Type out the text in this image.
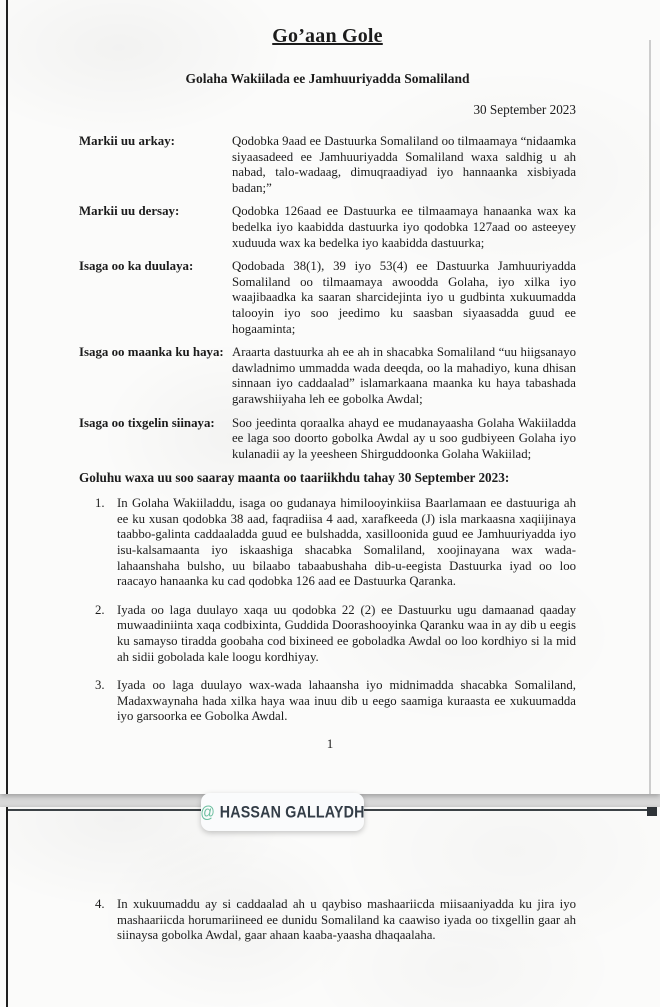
Go’aan Gole
Golaha Wakiilada ee Jamhuuriyadda Somaliland
30 September 2023
Markii uu arkay:	Qodobka 9aad ee Dastuurka Somaliland oo tilmaamaya “nidaamka siyaasadeed ee Jamhuuriyadda Somaliland waxa saldhig u ah nabad, talo-wadaag, dimuqraadiyad iyo hannaanka xisbiyada badan;”
Markii uu dersay:	Qodobka 126aad ee Dastuurka ee tilmaamaya hanaanka wax ka bedelka iyo kaabidda dastuurka iyo qodobka 127aad oo asteeyey xuduuda wax ka bedelka iyo kaabidda dastuurka;
Isaga oo ka duulaya:	Qodobada 38(1), 39 iyo 53(4) ee Dastuurka Jamhuuriyadda Somaliland oo tilmaamaya awoodda Golaha, iyo xilka iyo waajibaadka ka saaran sharcidejinta iyo u gudbinta xukuumadda talooyin iyo soo jeedimo ku saasban siyaasadda guud ee hogaaminta;
Isaga oo maanka ku haya: Araarta dastuurka ah ee ah in shacabka Somaliland “uu hiigsanayo dawladnimo ummadda wada deeqda, oo la mahadiyo, kuna dhisan sinnaan iyo caddaalad” islamarkaana maanka ku haya tabashada garawshiiyaha leh ee gobolka Awdal;
Isaga oo tixgelin siinaya:	Soo jeedinta qoraalka ahayd ee mudanayaasha Golaha Wakiiladda ee laga soo doorto gobolka Awdal ay u soo gudbiyeen Golaha iyo kulanadii ay la yeesheen Shirguddoonka Golaha Wakiilad;
Goluhu waxa uu soo saaray maanta oo taariikhdu tahay 30 September 2023:
1. In Golaha Wakiiladdu, isaga oo gudanaya himilooyinkiisa Baarlamaan ee dastuuriga ah ee ku xusan qodobka 38 aad, faqradiisa 4 aad, xarafkeeda (J) isla markaasna xaqiijinaya taabbo-galinta caddaaladda guud ee bulshadda, xasilloonida guud ee Jamhuuriyadda iyo isu-kalsamaanta iyo iskaashiga shacabka Somaliland, xoojinayana wax wada-lahaanshaha bulsho, uu bilaabo tabaabushaha dib-u-eegista Dastuurka iyad oo loo raacayo hanaanka ku cad qodobka 126 aad ee Dastuurka Qaranka.
2. Iyada oo laga duulayo xaqa uu qodobka 22 (2) ee Dastuurku ugu damaanad qaaday muwaadiniinta xaqa codbixinta, Guddida Doorashooyinka Qaranku waa in ay dib u eegis ku samayso tiradda goobaha cod bixineed ee goboladka Awdal oo loo kordhiyo si la mid ah sidii gobolada kale loogu kordhiyay.
3. Iyada oo laga duulayo wax-wada lahaansha iyo midnimadda shacabka Somaliland, Madaxwaynaha hada xilka haya waa inuu dib u eego saamiga kuraasta ee xukuumadda iyo garsoorka ee Gobolka Awdal.
1
4. In xukuumaddu ay si caddaalad ah u qaybiso mashaariicda miisaaniyadda ku jira iyo mashaariicda horumariineed ee dunidu Somaliland ka caawiso iyada oo tixgellin gaar ah siinaysa gobolka Awdal, gaar ahaan kaaba-yaasha dhaqaalaha.
@ HASSAN GALLAYDH
